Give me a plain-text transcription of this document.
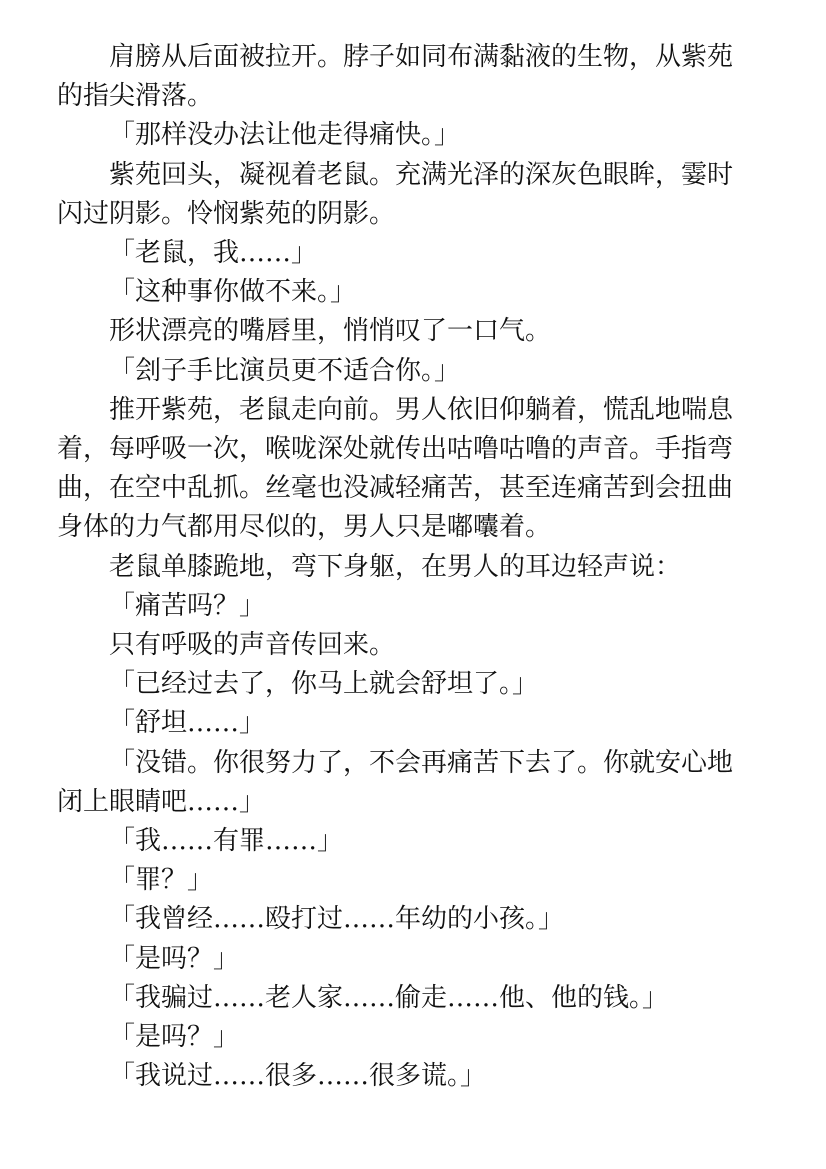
肩膀从后面被拉开。脖子如同布满黏液的生物，从紫苑的指尖滑落。

「那样没办法让他走得痛快。」

紫苑回头，凝视着老鼠。充满光泽的深灰色眼眸，霎时闪过阴影。怜悯紫苑的阴影。

「老鼠，我……」

「这种事你做不来。」

形状漂亮的嘴唇里，悄悄叹了一口气。

「刽子手比演员更不适合你。」

推开紫苑，老鼠走向前。男人依旧仰躺着，慌乱地喘息着，每呼吸一次，喉咙深处就传出咕噜咕噜的声音。手指弯曲，在空中乱抓。丝毫也没减轻痛苦，甚至连痛苦到会扭曲身体的力气都用尽似的，男人只是嘟囔着。

老鼠单膝跪地，弯下身躯，在男人的耳边轻声说：

「痛苦吗？」

只有呼吸的声音传回来。

「已经过去了，你马上就会舒坦了。」

「舒坦……」

「没错。你很努力了，不会再痛苦下去了。你就安心地闭上眼睛吧……」

「我……有罪……」

「罪？」

「我曾经……殴打过……年幼的小孩。」

「是吗？」

「我骗过……老人家……偷走……他、他的钱。」

「是吗？」

「我说过……很多……很多谎。」
